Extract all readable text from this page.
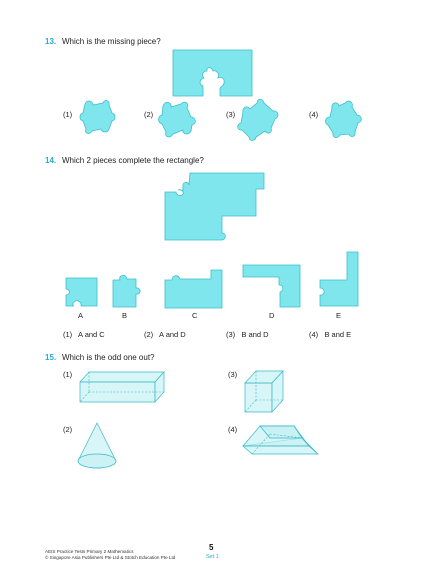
13. Which is the missing piece?
(1)	(2)	(3)	(4)
14. Which 2 pieces complete the rectangle?
A	B	C	D	E
(1) A and C	(2) A and D	(3) B and D	(4) B and E
15. Which is the odd one out?
(1)
(2)
(3)
(4)
AEIS Practice Tests Primary 2 Mathematics
© Singapore Asia Publishers Pte Ltd & Stotch Education Pte Ltd
5
Set 1
